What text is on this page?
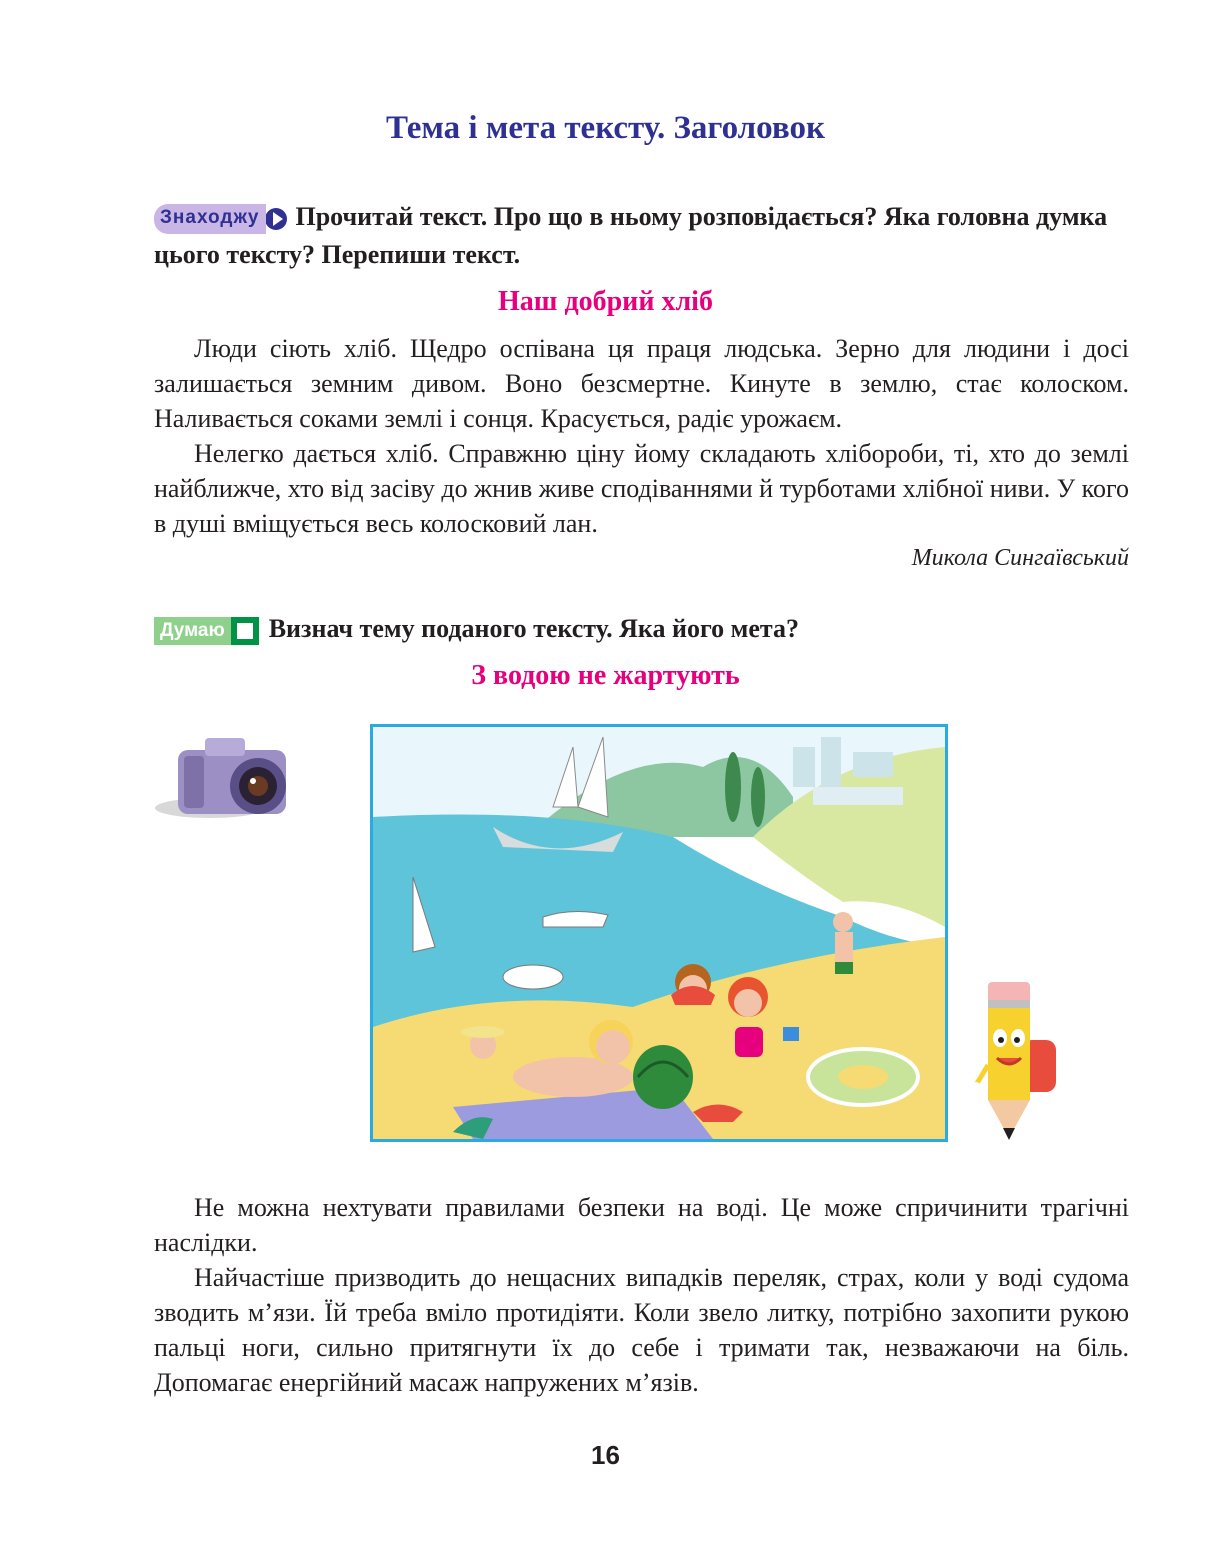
Тема і мета тексту. Заголовок
Знаходжу Прочитай текст. Про що в ньому розповідається? Яка головна думка цього тексту? Перепиши текст.
Наш добрий хліб

Люди сіють хліб. Щедро оспівана ця праця людська. Зерно для людини і досі залишається земним дивом. Воно безсмертне. Кинуте в землю, стає колоском. Наливається соками землі і сонця. Красується, радіє урожаєм.

Нелегко дається хліб. Справжню ціну йому складають хлібороби, ті, хто до землі найближче, хто від засіву до жнив живе сподіваннями й турботами хлібної ниви. У кого в душі вміщується весь колосковий лан.

Микола Сингаївський
Думаю Визнач тему поданого тексту. Яка його мета?
З водою не жартують

Не можна нехтувати правилами безпеки на воді. Це може спричинити трагічні наслідки.

Найчастіше призводить до нещасних випадків переляк, страх, коли у воді судома зводить м’язи. Їй треба вміло протидіяти. Коли звело литку, потрібно захопити рукою пальці ноги, сильно притягнути їх до себе і тримати так, незважаючи на біль. Допомагає енергійний масаж напружених м’язів.

16
